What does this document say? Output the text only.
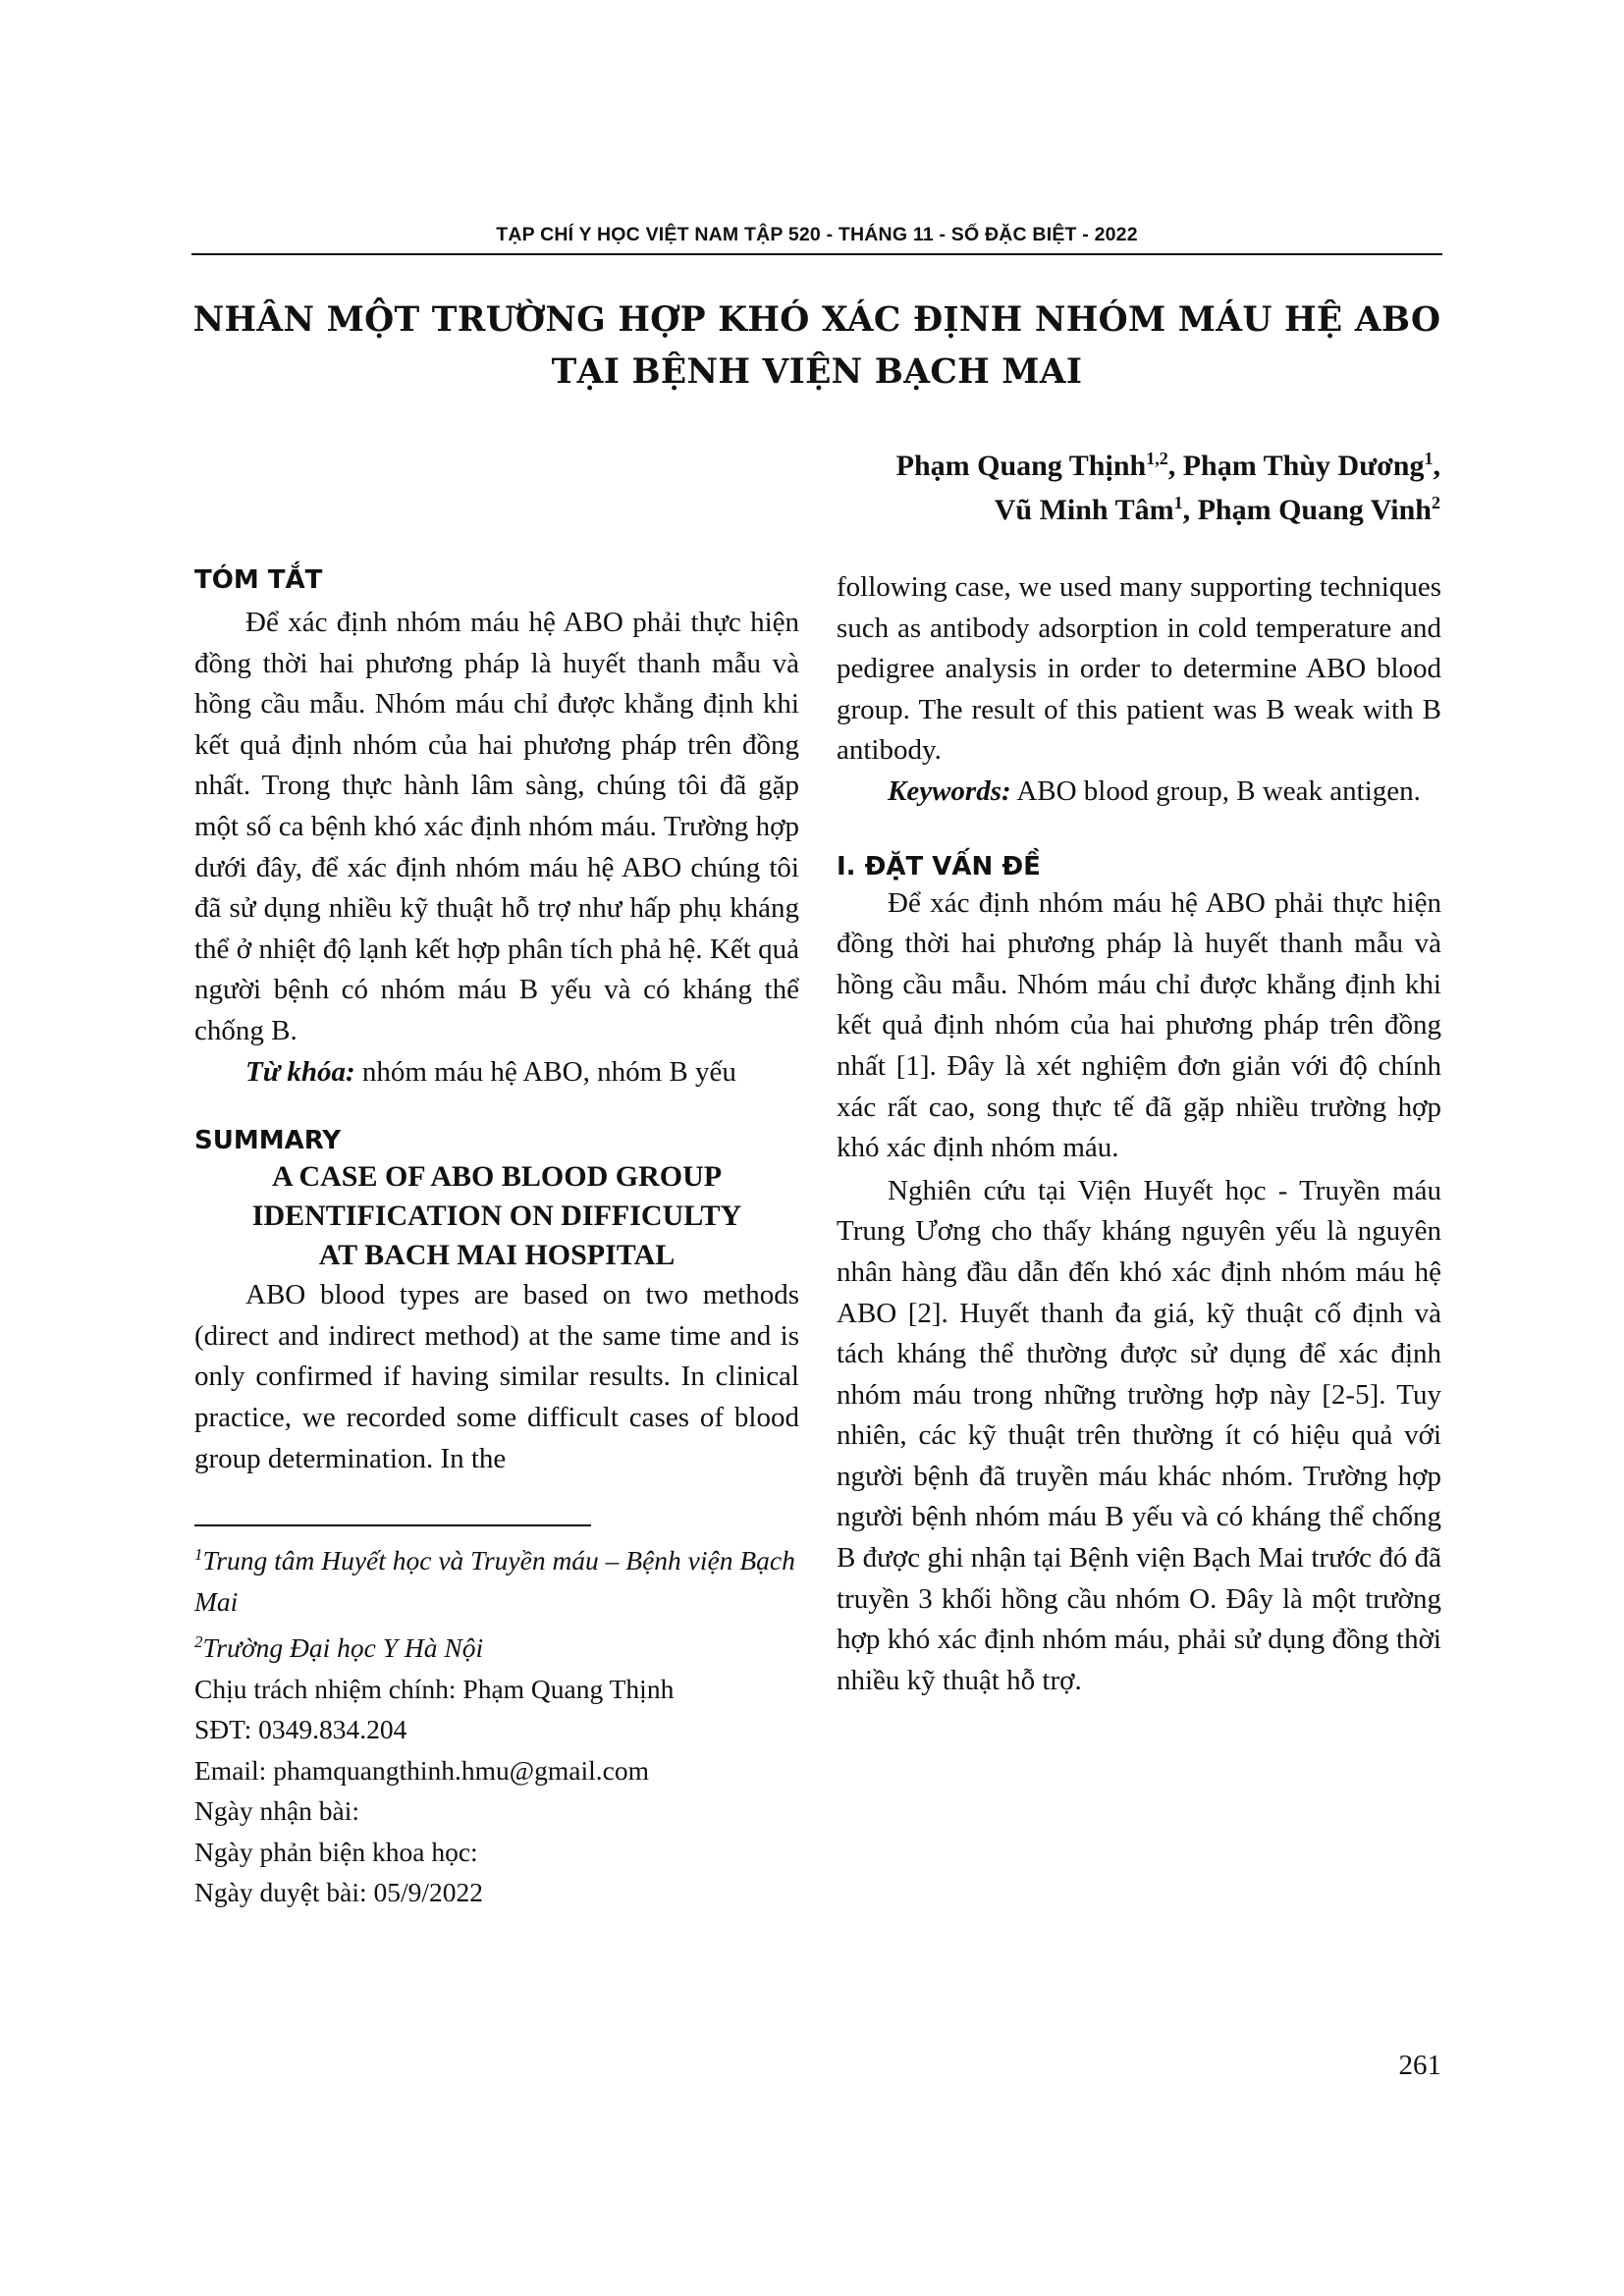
TẠP CHÍ Y HỌC VIỆT NAM TẬP 520 - THÁNG 11 - SỐ ĐẶC BIỆT - 2022
NHÂN MỘT TRƯỜNG HỢP KHÓ XÁC ĐỊNH NHÓM MÁU HỆ ABO
TẠI BỆNH VIỆN BẠCH MAI
Phạm Quang Thịnh$^{1,2}$, Phạm Thùy Dương$^1$,
Vũ Minh Tâm$^1$, Phạm Quang Vinh$^2$
TÓM TẮT

Để xác định nhóm máu hệ ABO phải thực hiện đồng thời hai phương pháp là huyết thanh mẫu và hồng cầu mẫu. Nhóm máu chỉ được khẳng định khi kết quả định nhóm của hai phương pháp trên đồng nhất. Trong thực hành lâm sàng, chúng tôi đã gặp một số ca bệnh khó xác định nhóm máu. Trường hợp dưới đây, để xác định nhóm máu hệ ABO chúng tôi đã sử dụng nhiều kỹ thuật hỗ trợ như hấp phụ kháng thể ở nhiệt độ lạnh kết hợp phân tích phả hệ. Kết quả người bệnh có nhóm máu B yếu và có kháng thể chống B.

Từ khóa: nhóm máu hệ ABO, nhóm B yếu

SUMMARY

A CASE OF ABO BLOOD GROUP

IDENTIFICATION ON DIFFICULTY

AT BACH MAI HOSPITAL

ABO blood types are based on two methods (direct and indirect method) at the same time and is only confirmed if having similar results. In clinical practice, we recorded some difficult cases of blood group determination. In the

$^1$Trung tâm Huyết học và Truyền máu – Bệnh viện Bạch Mai

$^2$Trường Đại học Y Hà Nội

Chịu trách nhiệm chính: Phạm Quang Thịnh

SĐT: 0349.834.204

Email: phamquangthinh.hmu@gmail.com

Ngày nhận bài:

Ngày phản biện khoa học:

Ngày duyệt bài: 05/9/2022

following case, we used many supporting techniques such as antibody adsorption in cold temperature and pedigree analysis in order to determine ABO blood group. The result of this patient was B weak with B antibody.

Keywords: ABO blood group, B weak antigen.

I. ĐẶT VẤN ĐỀ

Để xác định nhóm máu hệ ABO phải thực hiện đồng thời hai phương pháp là huyết thanh mẫu và hồng cầu mẫu. Nhóm máu chỉ được khẳng định khi kết quả định nhóm của hai phương pháp trên đồng nhất [1]. Đây là xét nghiệm đơn giản với độ chính xác rất cao, song thực tế đã gặp nhiều trường hợp khó xác định nhóm máu.

Nghiên cứu tại Viện Huyết học - Truyền máu Trung Ương cho thấy kháng nguyên yếu là nguyên nhân hàng đầu dẫn đến khó xác định nhóm máu hệ ABO [2]. Huyết thanh đa giá, kỹ thuật cố định và tách kháng thể thường được sử dụng để xác định nhóm máu trong những trường hợp này [2-5]. Tuy nhiên, các kỹ thuật trên thường ít có hiệu quả với người bệnh đã truyền máu khác nhóm. Trường hợp người bệnh nhóm máu B yếu và có kháng thể chống B được ghi nhận tại Bệnh viện Bạch Mai trước đó đã truyền 3 khối hồng cầu nhóm O. Đây là một trường hợp khó xác định nhóm máu, phải sử dụng đồng thời nhiều kỹ thuật hỗ trợ.

261
